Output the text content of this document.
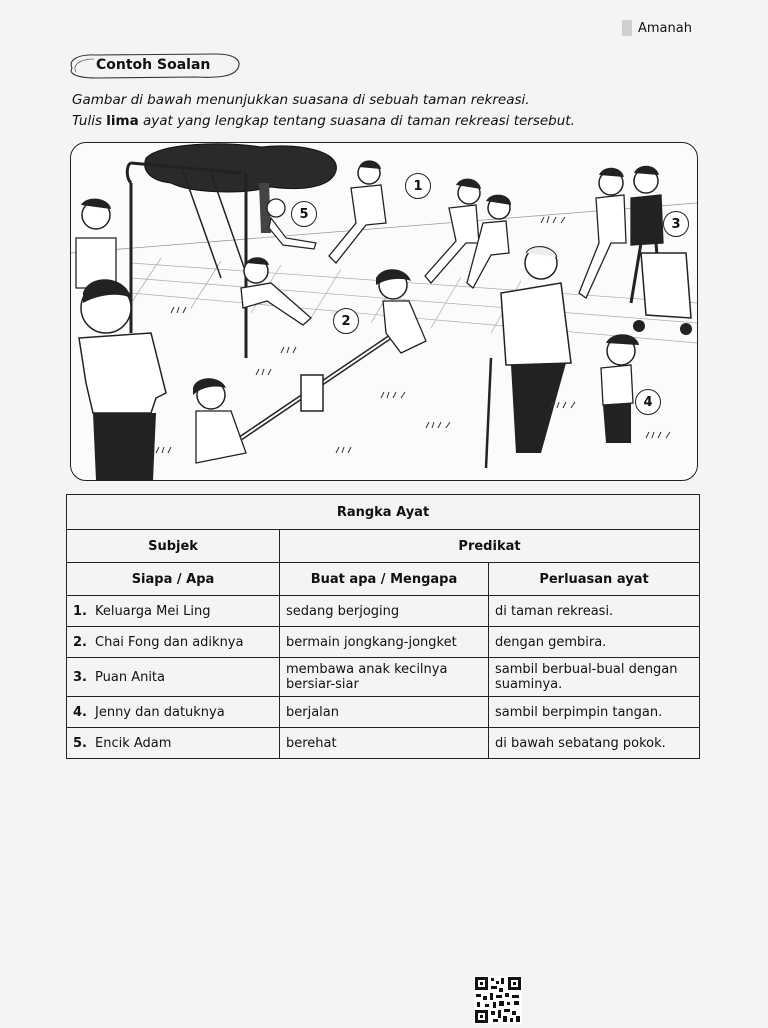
Amanah
Contoh Soalan
Gambar di bawah menunjukkan suasana di sebuah taman rekreasi.
Tulis lima ayat yang lengkap tentang suasana di taman rekreasi tersebut.
1
2
3
4
5
Rangka Ayat		
Subjek	Predikat	
Siapa / Apa	Buat apa / Mengapa	Perluasan ayat
1. Keluarga Mei Ling	sedang berjoging	di taman rekreasi.
2. Chai Fong dan adiknya	bermain jongkang-jongket	dengan gembira.
3. Puan Anita	membawa anak kecilnya bersiar-siar	sambil berbual-bual dengan suaminya.
4. Jenny dan datuknya	berjalan	sambil berpimpin tangan.
5. Encik Adam	berehat	di bawah sebatang pokok.
